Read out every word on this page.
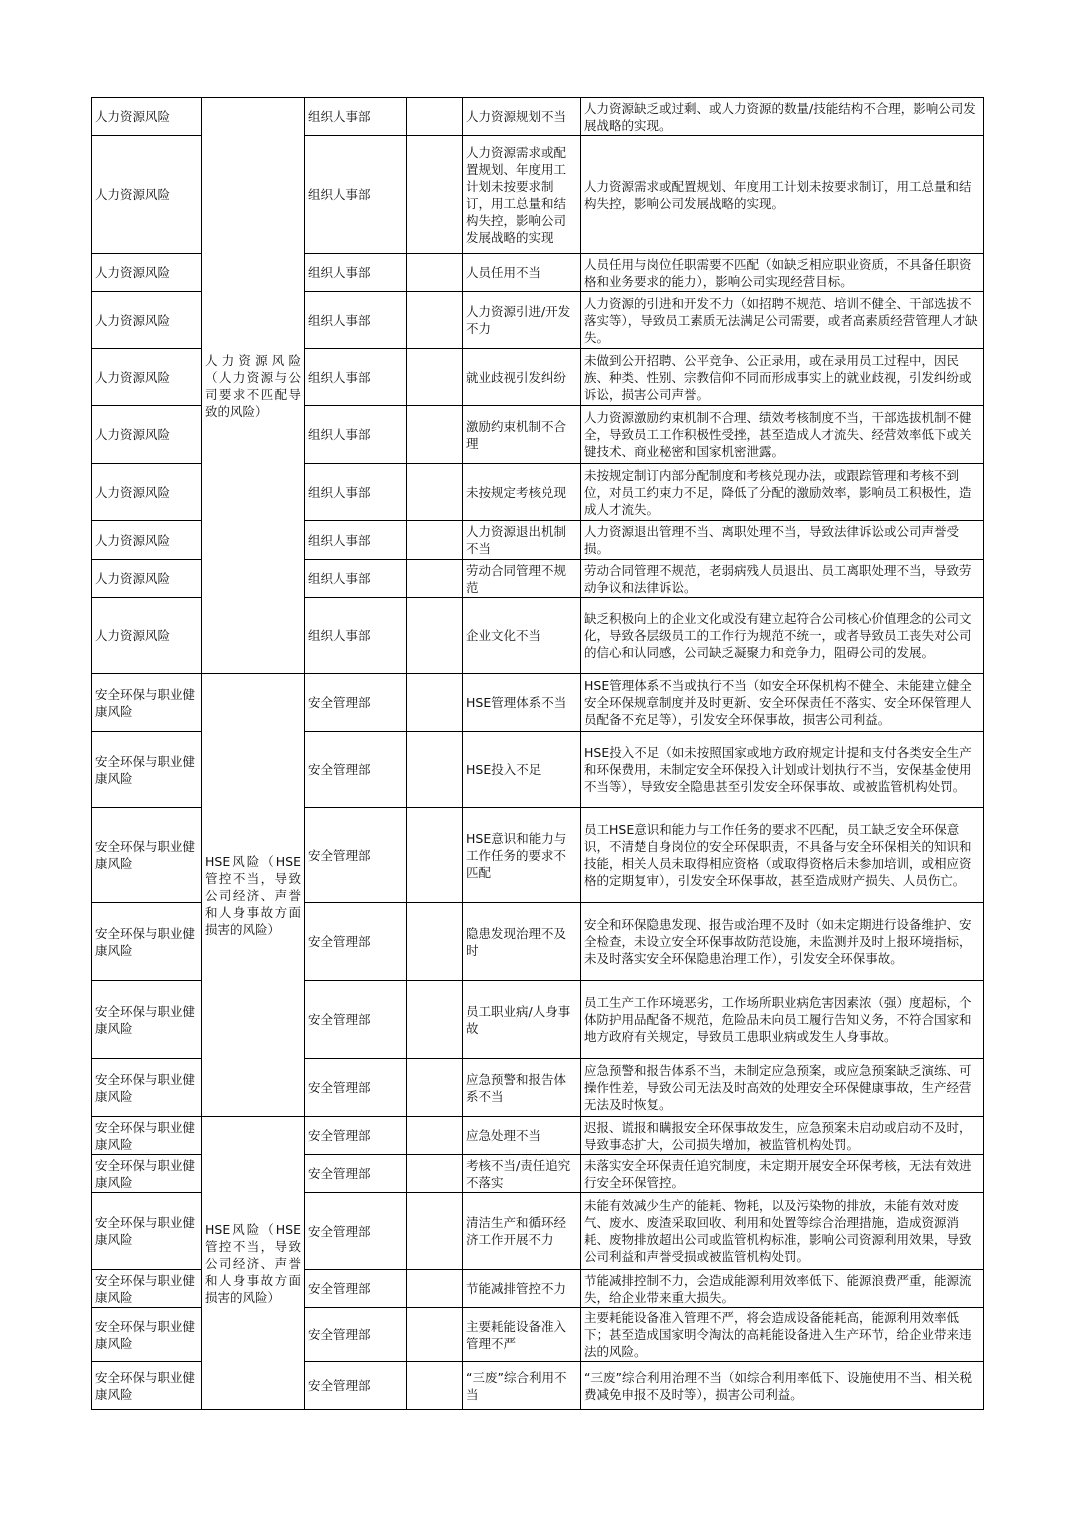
人力资源风险	人力资源风险（人力资源与公司要求不匹配导致的风险）	组织人事部		人力资源规划不当	人力资源缺乏或过剩、或人力资源的数量/技能结构不合理，影响公司发展战略的实现。
人力资源风险		组织人事部		人力资源需求或配置规划、年度用工计划未按要求制订，用工总量和结构失控，影响公司发展战略的实现	人力资源需求或配置规划、年度用工计划未按要求制订，用工总量和结构失控，影响公司发展战略的实现。
人力资源风险		组织人事部		人员任用不当	人员任用与岗位任职需要不匹配（如缺乏相应职业资质，不具备任职资格和业务要求的能力），影响公司实现经营目标。
人力资源风险		组织人事部		人力资源引进/开发不力	人力资源的引进和开发不力（如招聘不规范、培训不健全、干部选拔不落实等），导致员工素质无法满足公司需要，或者高素质经营管理人才缺失。
人力资源风险		组织人事部		就业歧视引发纠纷	未做到公开招聘、公平竞争、公正录用，或在录用员工过程中，因民族、种类、性别、宗教信仰不同而形成事实上的就业歧视，引发纠纷或诉讼，损害公司声誉。
人力资源风险		组织人事部		激励约束机制不合理	人力资源激励约束机制不合理、绩效考核制度不当，干部选拔机制不健全，导致员工工作积极性受挫，甚至造成人才流失、经营效率低下或关键技术、商业秘密和国家机密泄露。
人力资源风险		组织人事部		未按规定考核兑现	未按规定制订内部分配制度和考核兑现办法，或跟踪管理和考核不到位，对员工约束力不足，降低了分配的激励效率，影响员工积极性，造成人才流失。
人力资源风险		组织人事部		人力资源退出机制不当	人力资源退出管理不当、离职处理不当，导致法律诉讼或公司声誉受损。
人力资源风险		组织人事部		劳动合同管理不规范	劳动合同管理不规范，老弱病残人员退出、员工离职处理不当，导致劳动争议和法律诉讼。
人力资源风险		组织人事部		企业文化不当	缺乏积极向上的企业文化或没有建立起符合公司核心价值理念的公司文化，导致各层级员工的工作行为规范不统一，或者导致员工丧失对公司的信心和认同感，公司缺乏凝聚力和竞争力，阻碍公司的发展。
安全环保与职业健康风险	HSE风险（HSE管控不当，导致公司经济、声誉和人身事故方面损害的风险）	安全管理部		HSE管理体系不当	HSE管理体系不当或执行不当（如安全环保机构不健全、未能建立健全安全环保规章制度并及时更新、安全环保责任不落实、安全环保管理人员配备不充足等），引发安全环保事故，损害公司利益。
安全环保与职业健康风险		安全管理部		HSE投入不足	HSE投入不足（如未按照国家或地方政府规定计提和支付各类安全生产和环保费用，未制定安全环保投入计划或计划执行不当，安保基金使用不当等），导致安全隐患甚至引发安全环保事故、或被监管机构处罚。
安全环保与职业健康风险		安全管理部		HSE意识和能力与工作任务的要求不匹配	员工HSE意识和能力与工作任务的要求不匹配，员工缺乏安全环保意识，不清楚自身岗位的安全环保职责，不具备与安全环保相关的知识和技能，相关人员未取得相应资格（或取得资格后未参加培训，或相应资格的定期复审），引发安全环保事故，甚至造成财产损失、人员伤亡。
安全环保与职业健康风险		安全管理部		隐患发现治理不及时	安全和环保隐患发现、报告或治理不及时（如未定期进行设备维护、安全检查，未设立安全环保事故防范设施，未监测并及时上报环境指标，未及时落实安全环保隐患治理工作），引发安全环保事故。
安全环保与职业健康风险		安全管理部		员工职业病/人身事故	员工生产工作环境恶劣，工作场所职业病危害因素浓（强）度超标，个体防护用品配备不规范，危险品未向员工履行告知义务，不符合国家和地方政府有关规定，导致员工患职业病或发生人身事故。
安全环保与职业健康风险		安全管理部		应急预警和报告体系不当	应急预警和报告体系不当，未制定应急预案，或应急预案缺乏演练、可操作性差，导致公司无法及时高效的处理安全环保健康事故，生产经营无法及时恢复。
安全环保与职业健康风险	HSE风险（HSE管控不当，导致公司经济、声誉和人身事故方面损害的风险）	安全管理部		应急处理不当	迟报、谎报和瞒报安全环保事故发生，应急预案未启动或启动不及时，导致事态扩大，公司损失增加，被监管机构处罚。
安全环保与职业健康风险		安全管理部		考核不当/责任追究不落实	未落实安全环保责任追究制度，未定期开展安全环保考核，无法有效进行安全环保管控。
安全环保与职业健康风险		安全管理部		清洁生产和循环经济工作开展不力	未能有效减少生产的能耗、物耗，以及污染物的排放，未能有效对废气、废水、废渣采取回收、利用和处置等综合治理措施，造成资源消耗、废物排放超出公司或监管机构标准，影响公司资源利用效果，导致公司利益和声誉受损或被监管机构处罚。
安全环保与职业健康风险		安全管理部		节能减排管控不力	节能减排控制不力，会造成能源利用效率低下、能源浪费严重，能源流失，给企业带来重大损失。
安全环保与职业健康风险		安全管理部		主要耗能设备准入管理不严	主要耗能设备准入管理不严，将会造成设备能耗高，能源利用效率低下；甚至造成国家明令淘汰的高耗能设备进入生产环节，给企业带来违法的风险。
安全环保与职业健康风险		安全管理部		“三废”综合利用不当	“三废”综合利用治理不当（如综合利用率低下、设施使用不当、相关税费减免申报不及时等），损害公司利益。
